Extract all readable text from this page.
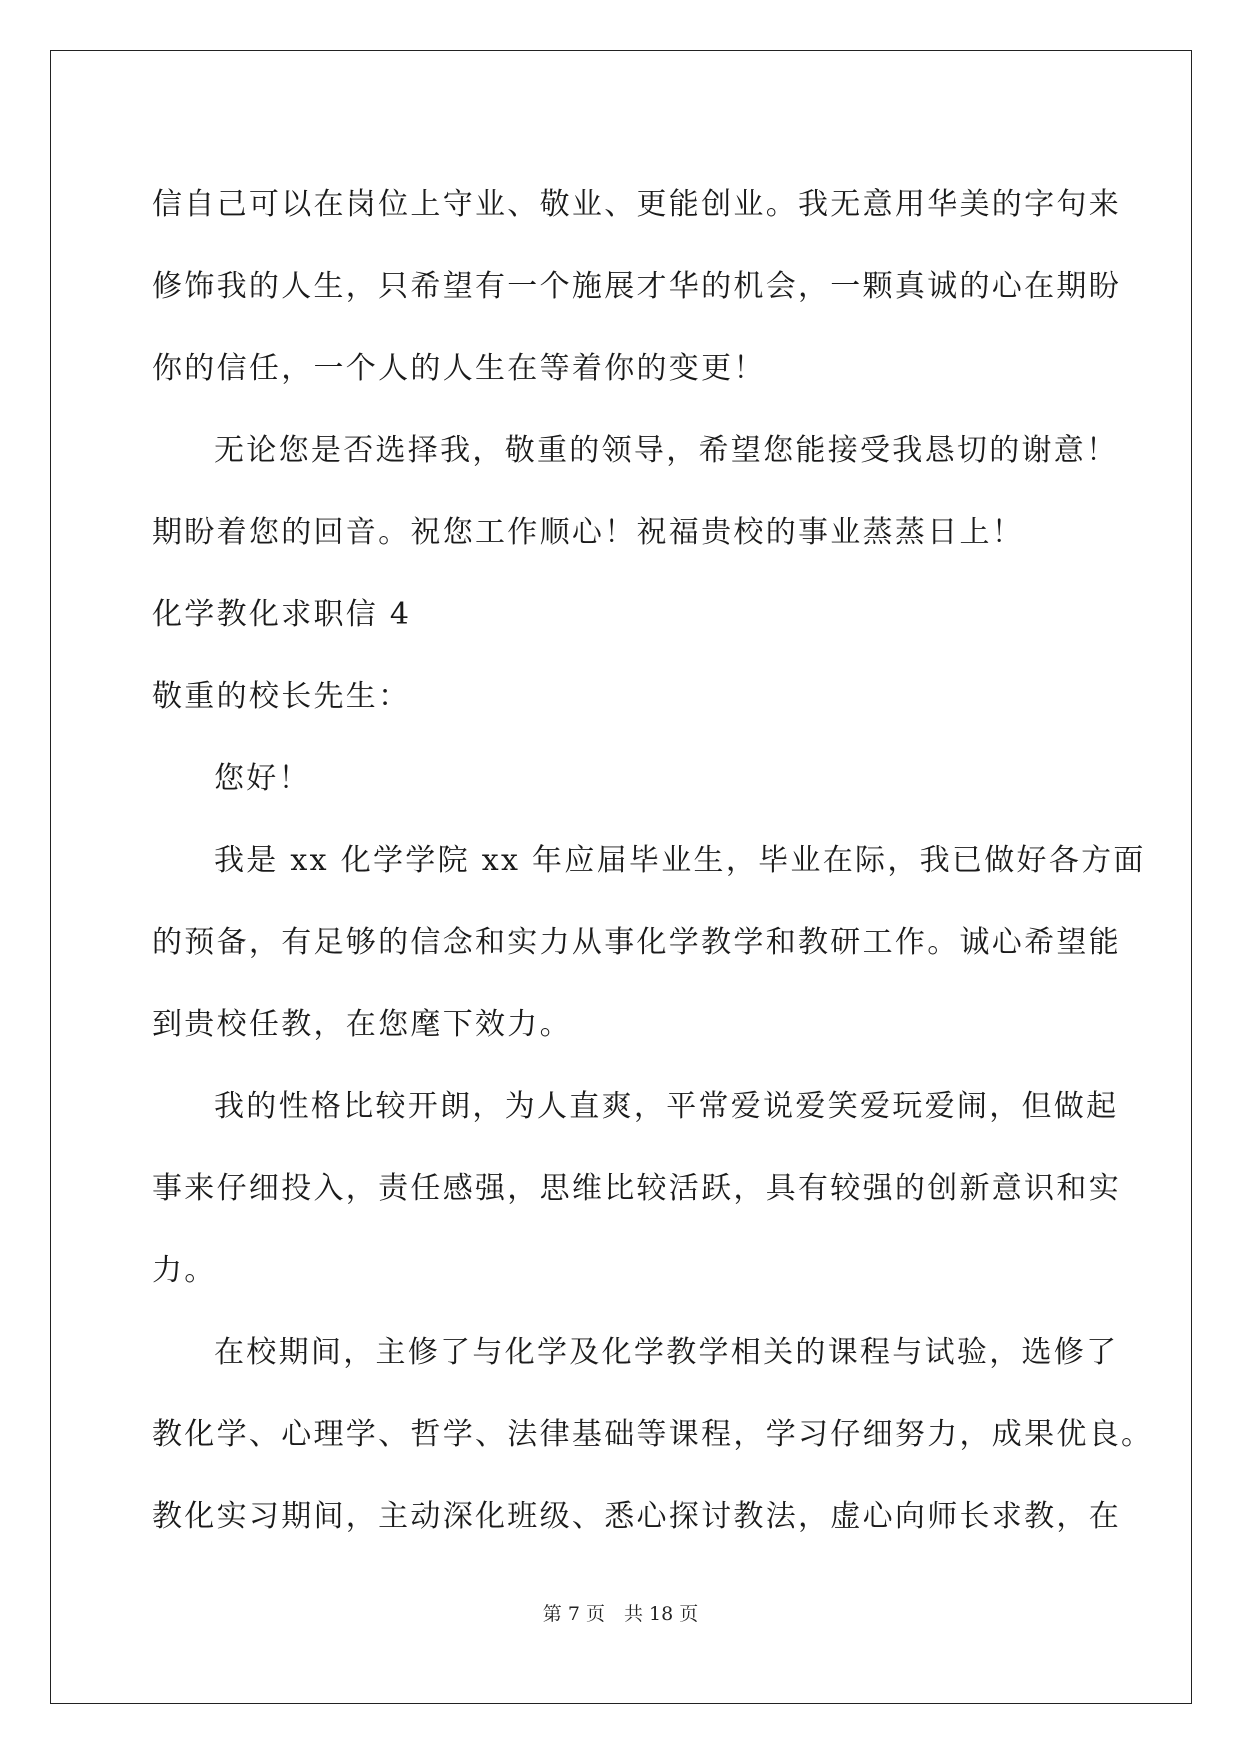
信自己可以在岗位上守业、敬业、更能创业。我无意用华美的字句来
修饰我的人生，只希望有一个施展才华的机会，一颗真诚的心在期盼
你的信任，一个人的人生在等着你的变更！
无论您是否选择我，敬重的领导，希望您能接受我恳切的谢意！
期盼着您的回音。祝您工作顺心！祝福贵校的事业蒸蒸日上！
化学教化求职信 4
敬重的校长先生：
您好！
我是 xx 化学学院 xx 年应届毕业生，毕业在际，我已做好各方面
的预备，有足够的信念和实力从事化学教学和教研工作。诚心希望能
到贵校任教，在您麾下效力。
我的性格比较开朗，为人直爽，平常爱说爱笑爱玩爱闹，但做起
事来仔细投入，责任感强，思维比较活跃，具有较强的创新意识和实
力。
在校期间，主修了与化学及化学教学相关的课程与试验，选修了
教化学、心理学、哲学、法律基础等课程，学习仔细努力，成果优良。
教化实习期间，主动深化班级、悉心探讨教法，虚心向师长求教，在
第 7 页　共 18 页
